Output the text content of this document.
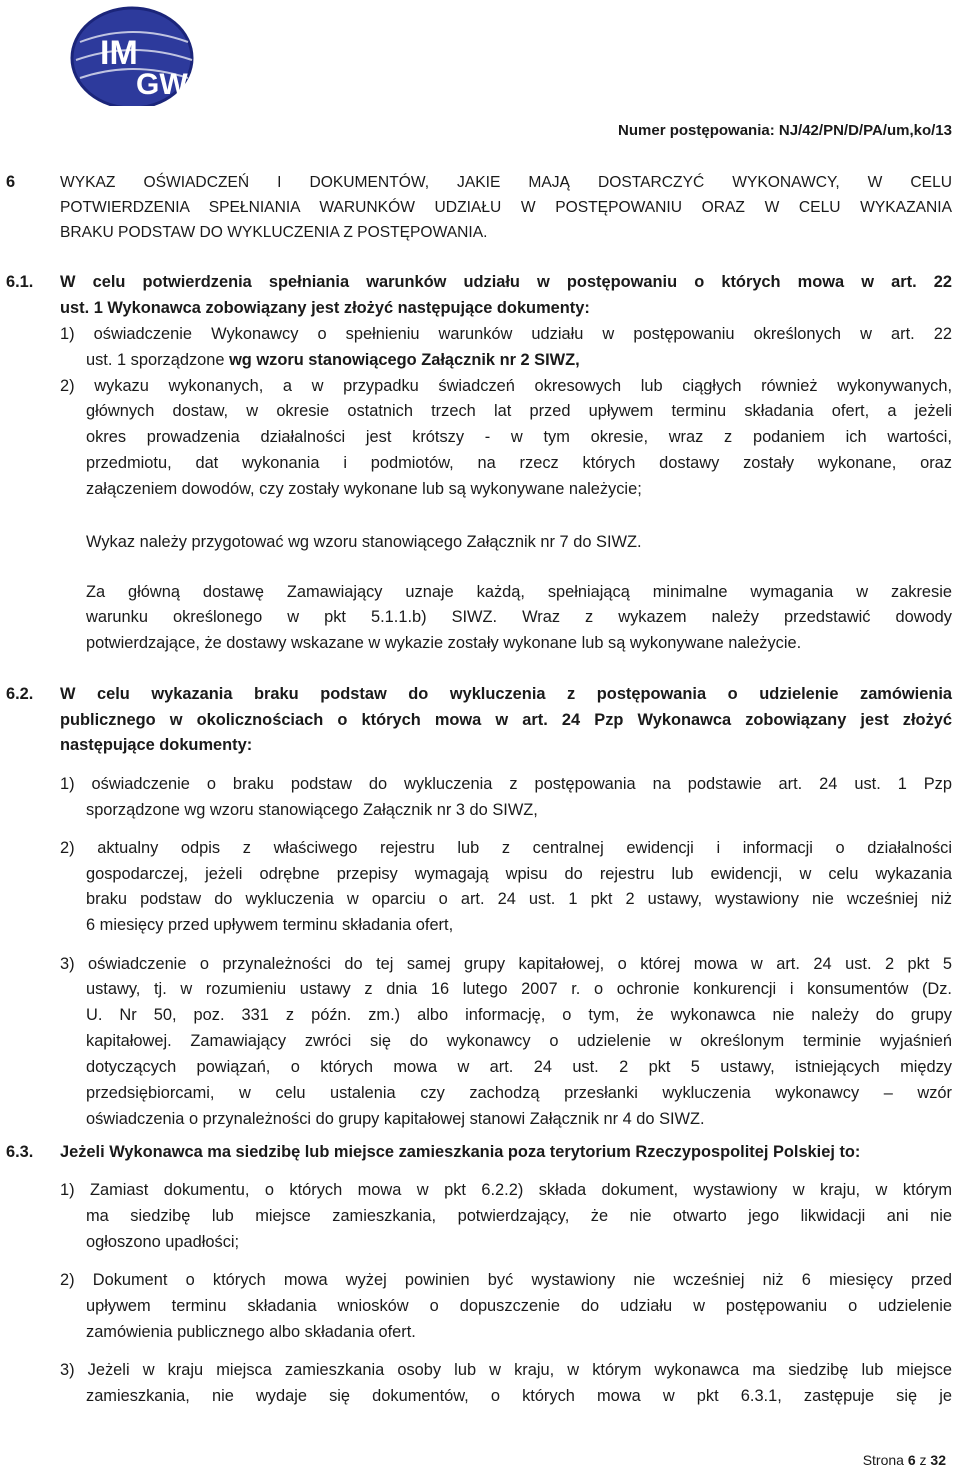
IM
GW
Numer postępowania: NJ/42/PN/D/PA/um,ko/13
6	WYKAZ OŚWIADCZEŃ I DOKUMENTÓW, JAKIE MAJĄ DOSTARCZYĆ WYKONAWCY, W CELU

POTWIERDZENIA SPEŁNIANIA WARUNKÓW UDZIAŁU W POSTĘPOWANIU ORAZ W CELU WYKAZANIA

BRAKU PODSTAW DO WYKLUCZENIA Z POSTĘPOWANIA.

6.1. W celu potwierdzenia spełniania warunków udziału w postępowaniu o których mowa w art. 22

ust. 1 Wykonawca zobowiązany jest złożyć następujące dokumenty:

1) oświadczenie Wykonawcy o spełnieniu warunków udziału w postępowaniu określonych w art. 22

ust. 1 sporządzone wg wzoru stanowiącego Załącznik nr 2 SIWZ,

2) wykazu wykonanych, a w przypadku świadczeń okresowych lub ciągłych również wykonywanych,

głównych dostaw, w okresie ostatnich trzech lat przed upływem terminu składania ofert, a jeżeli

okres prowadzenia działalności jest krótszy - w tym okresie, wraz z podaniem ich wartości,

przedmiotu, dat wykonania i podmiotów, na rzecz których dostawy zostały wykonane, oraz

załączeniem dowodów, czy zostały wykonane lub są wykonywane należycie;

Wykaz należy przygotować wg wzoru stanowiącego Załącznik nr 7 do SIWZ.

Za główną dostawę Zamawiający uznaje każdą, spełniającą minimalne wymagania w zakresie

warunku określonego w pkt 5.1.1.b) SIWZ. Wraz z wykazem należy przedstawić dowody

potwierdzające, że dostawy wskazane w wykazie zostały wykonane lub są wykonywane należycie.

6.2. W celu wykazania braku podstaw do wykluczenia z postępowania o udzielenie zamówienia

publicznego w okolicznościach o których mowa w art. 24 Pzp Wykonawca zobowiązany jest złożyć

następujące dokumenty:

1) oświadczenie o braku podstaw do wykluczenia z postępowania na podstawie art. 24 ust. 1 Pzp

sporządzone wg wzoru stanowiącego Załącznik nr 3 do SIWZ,

2) aktualny odpis z właściwego rejestru lub z centralnej ewidencji i informacji o działalności

gospodarczej, jeżeli odrębne przepisy wymagają wpisu do rejestru lub ewidencji, w celu wykazania

braku podstaw do wykluczenia w oparciu o art. 24 ust. 1 pkt 2 ustawy, wystawiony nie wcześniej niż

6 miesięcy przed upływem terminu składania ofert,

3) oświadczenie o przynależności do tej samej grupy kapitałowej, o której mowa w art. 24 ust. 2 pkt 5

ustawy, tj. w rozumieniu ustawy z dnia 16 lutego 2007 r. o ochronie konkurencji i konsumentów (Dz.

U. Nr 50, poz. 331 z późn. zm.) albo informację, o tym, że wykonawca nie należy do grupy

kapitałowej. Zamawiający zwróci się do wykonawcy o udzielenie w określonym terminie wyjaśnień

dotyczących powiązań, o których mowa w art. 24 ust. 2 pkt 5 ustawy, istniejących między

przedsiębiorcami, w celu ustalenia czy zachodzą przesłanki wykluczenia wykonawcy – wzór

oświadczenia o przynależności do grupy kapitałowej stanowi Załącznik nr 4 do SIWZ.

6.3. Jeżeli Wykonawca ma siedzibę lub miejsce zamieszkania poza terytorium Rzeczypospolitej Polskiej to:

1) Zamiast dokumentu, o których mowa w pkt 6.2.2) składa dokument, wystawiony w kraju, w którym

ma siedzibę lub miejsce zamieszkania, potwierdzający, że nie otwarto jego likwidacji ani nie

ogłoszono upadłości;

2) Dokument o których mowa wyżej powinien być wystawiony nie wcześniej niż 6 miesięcy przed

upływem terminu składania wniosków o dopuszczenie do udziału w postępowaniu o udzielenie

zamówienia publicznego albo składania ofert.

3) Jeżeli w kraju miejsca zamieszkania osoby lub w kraju, w którym wykonawca ma siedzibę lub miejsce

zamieszkania, nie wydaje się dokumentów, o których mowa w pkt 6.3.1, zastępuje się je

Strona 6 z 32
